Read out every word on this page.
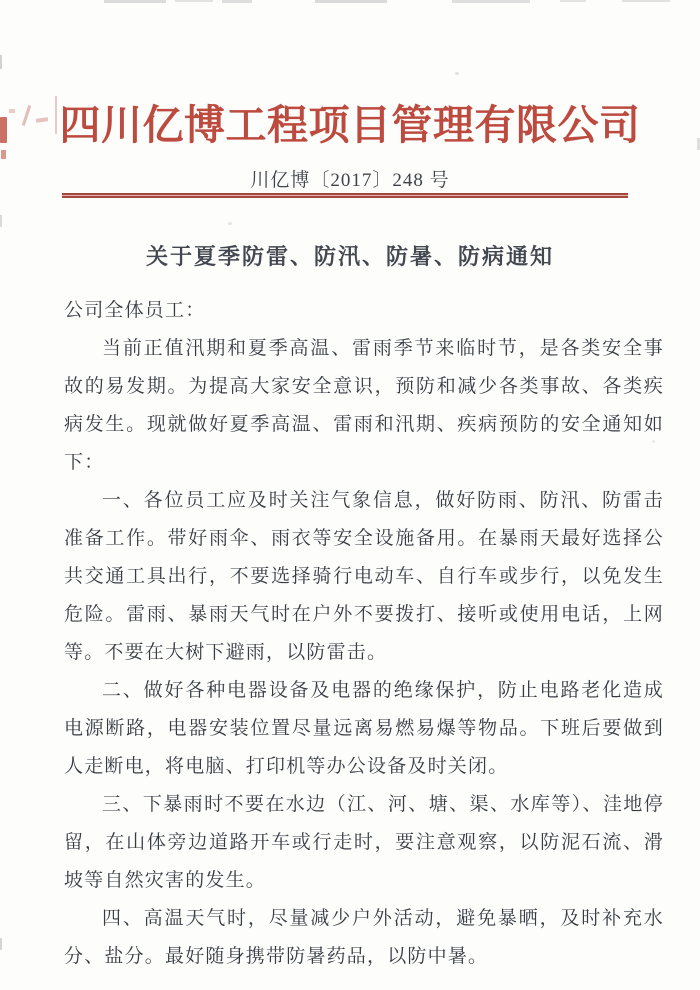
四川亿博工程项目管理有限公司
川亿博〔2017〕248 号
关于夏季防雷、防汛、防暑、防病通知

公司全体员工：

当前正值汛期和夏季高温、雷雨季节来临时节，是各类安全事故的易发期。为提高大家安全意识，预防和减少各类事故、各类疾病发生。现就做好夏季高温、雷雨和汛期、疾病预防的安全通知如下：

一、各位员工应及时关注气象信息，做好防雨、防汛、防雷击准备工作。带好雨伞、雨衣等安全设施备用。在暴雨天最好选择公共交通工具出行，不要选择骑行电动车、自行车或步行，以免发生危险。雷雨、暴雨天气时在户外不要拨打、接听或使用电话，上网等。不要在大树下避雨，以防雷击。

二、做好各种电器设备及电器的绝缘保护，防止电路老化造成电源断路，电器安装位置尽量远离易燃易爆等物品。下班后要做到人走断电，将电脑、打印机等办公设备及时关闭。

三、下暴雨时不要在水边（江、河、塘、渠、水库等）、洼地停留，在山体旁边道路开车或行走时，要注意观察，以防泥石流、滑坡等自然灾害的发生。

四、高温天气时，尽量减少户外活动，避免暴晒，及时补充水分、盐分。最好随身携带防暑药品，以防中暑。
